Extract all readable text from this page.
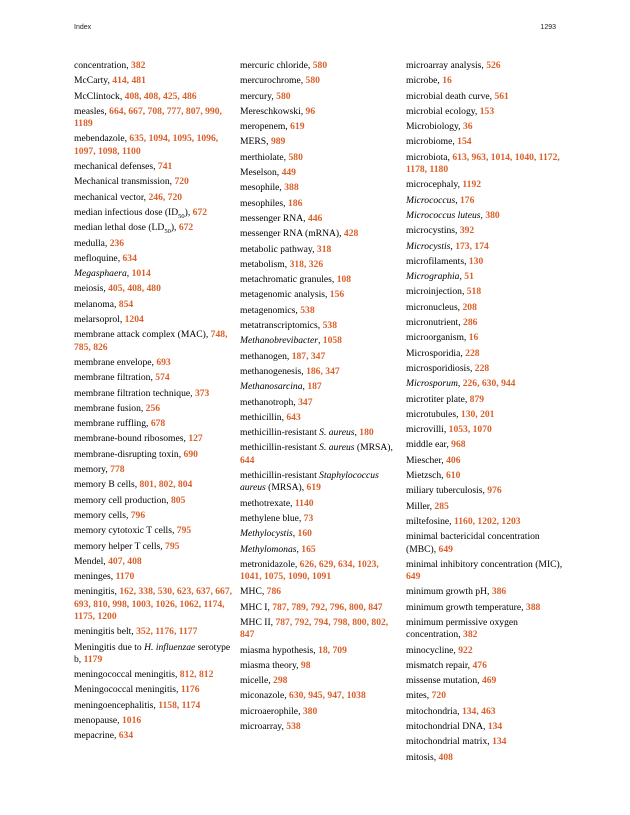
Index	1293
concentration, 382
McCarty, 414, 481
McClintock, 408, 408, 425, 486
measles, 664, 667, 708, 777, 807, 990, 1189
mebendazole, 635, 1094, 1095, 1096, 1097, 1098, 1100
mechanical defenses, 741
Mechanical transmission, 720
mechanical vector, 246, 720
median infectious dose $(ID_{50})$, 672
median lethal dose $(LD_{50})$, 672
medulla, 236
mefloquine, 634
Megasphaera, 1014
meiosis, 405, 408, 480
melanoma, 854
melarsoprol, 1204
membrane attack complex (MAC), 748, 785, 826
membrane envelope, 693
membrane filtration, 574
membrane filtration technique, 373
membrane fusion, 256
membrane ruffling, 678
membrane-bound ribosomes, 127
membrane-disrupting toxin, 690
memory, 778
memory B cells, 801, 802, 804
memory cell production, 805
memory cells, 796
memory cytotoxic T cells, 795
memory helper T cells, 795
Mendel, 407, 408
meninges, 1170
meningitis, 162, 338, 530, 623, 637, 667, 693, 810, 998, 1003, 1026, 1062, 1174, 1175, 1200
meningitis belt, 352, 1176, 1177
Meningitis due to H. influenzae serotype b, 1179
meningococcal meningitis, 812, 812
Meningococcal meningitis, 1176
meningoencephalitis, 1158, 1174
menopause, 1016
mepacrine, 634
mercuric chloride, 580
mercurochrome, 580
mercury, 580
Mereschkowski, 96
meropenem, 619
MERS, 989
merthiolate, 580
Meselson, 449
mesophile, 388
mesophiles, 186
messenger RNA, 446
messenger RNA (mRNA), 428
metabolic pathway, 318
metabolism, 318, 326
metachromatic granules, 108
metagenomic analysis, 156
metagenomics, 538
metatranscriptomics, 538
Methanobrevibacter, 1058
methanogen, 187, 347
methanogenesis, 186, 347
Methanosarcina, 187
methanotroph, 347
methicillin, 643
methicillin-resistant S. aureus, 180
methicillin-resistant S. aureus (MRSA), 644
methicillin-resistant Staphylococcus aureus (MRSA), 619
methotrexate, 1140
methylene blue, 73
Methylocystis, 160
Methylomonas, 165
metronidazole, 626, 629, 634, 1023, 1041, 1075, 1090, 1091
MHC, 786
MHC I, 787, 789, 792, 796, 800, 847
MHC II, 787, 792, 794, 798, 800, 802, 847
miasma hypothesis, 18, 709
miasma theory, 98
micelle, 298
miconazole, 630, 945, 947, 1038
microaerophile, 380
microarray, 538
microarray analysis, 526
microbe, 16
microbial death curve, 561
microbial ecology, 153
Microbiology, 36
microbiome, 154
microbiota, 613, 963, 1014, 1040, 1172, 1178, 1180
microcephaly, 1192
Micrococcus, 176
Micrococcus luteus, 380
microcystins, 392
Microcystis, 173, 174
microfilaments, 130
Micrographia, 51
microinjection, 518
micronucleus, 208
micronutrient, 286
microorganism, 16
Microsporidia, 228
microsporidiosis, 228
Microsporum, 226, 630, 944
microtiter plate, 879
microtubules, 130, 201
microvilli, 1053, 1070
middle ear, 968
Miescher, 406
Mietzsch, 610
miliary tuberculosis, 976
Miller, 285
miltefosine, 1160, 1202, 1203
minimal bactericidal concentration (MBC), 649
minimal inhibitory concentration (MIC), 649
minimum growth pH, 386
minimum growth temperature, 388
minimum permissive oxygen concentration, 382
minocycline, 922
mismatch repair, 476
missense mutation, 469
mites, 720
mitochondria, 134, 463
mitochondrial DNA, 134
mitochondrial matrix, 134
mitosis, 408
